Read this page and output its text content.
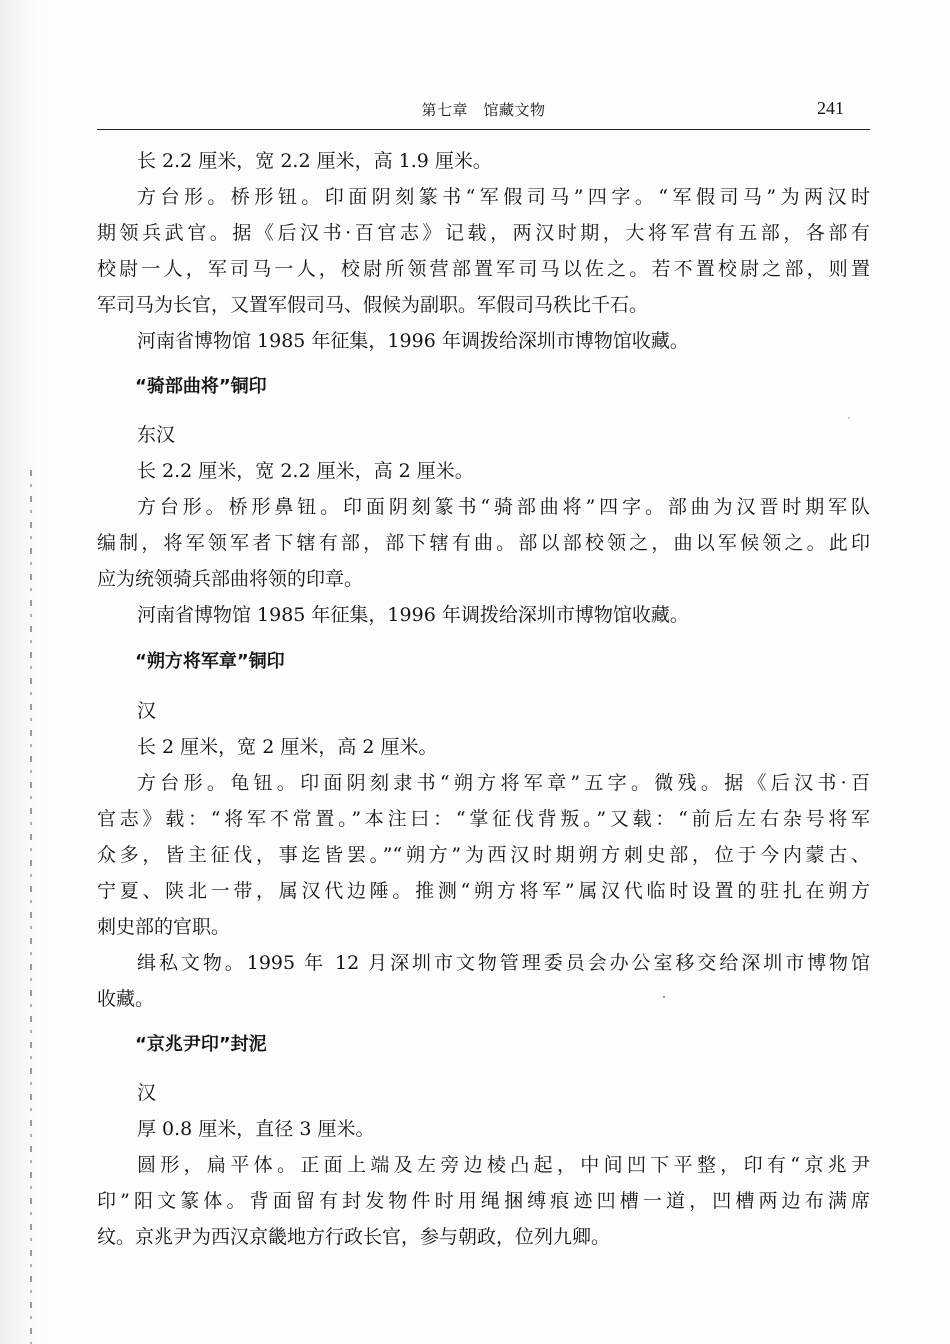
第七章　馆藏文物	241
长 2.2 厘米，宽 2.2 厘米，高 1.9 厘米。
方台形。桥形钮。印面阴刻篆书“军假司马”四字。“军假司马”为两汉时
期领兵武官。据《后汉书·百官志》记载，两汉时期，大将军营有五部，各部有
校尉一人，军司马一人，校尉所领营部置军司马以佐之。若不置校尉之部，则置
军司马为长官，又置军假司马、假候为副职。军假司马秩比千石。
河南省博物馆 1985 年征集，1996 年调拨给深圳市博物馆收藏。
“骑部曲将”铜印
东汉
长 2.2 厘米，宽 2.2 厘米，高 2 厘米。
方台形。桥形鼻钮。印面阴刻篆书“骑部曲将”四字。部曲为汉晋时期军队
编制，将军领军者下辖有部，部下辖有曲。部以部校领之，曲以军候领之。此印
应为统领骑兵部曲将领的印章。
河南省博物馆 1985 年征集，1996 年调拨给深圳市博物馆收藏。
“朔方将军章”铜印
汉
长 2 厘米，宽 2 厘米，高 2 厘米。
方台形。龟钮。印面阴刻隶书“朔方将军章”五字。微残。据《后汉书·百
官志》载：“将军不常置。”本注曰：“掌征伐背叛。”又载：“前后左右杂号将军
众多，皆主征伐，事迄皆罢。”“朔方”为西汉时期朔方刺史部，位于今内蒙古、
宁夏、陕北一带，属汉代边陲。推测“朔方将军”属汉代临时设置的驻扎在朔方
刺史部的官职。
缉私文物。1995 年 12 月深圳市文物管理委员会办公室移交给深圳市博物馆
收藏。
“京兆尹印”封泥
汉
厚 0.8 厘米，直径 3 厘米。
圆形，扁平体。正面上端及左旁边棱凸起，中间凹下平整，印有“京兆尹
印”阳文篆体。背面留有封发物件时用绳捆缚痕迹凹槽一道，凹槽两边布满席
纹。京兆尹为西汉京畿地方行政长官，参与朝政，位列九卿。
